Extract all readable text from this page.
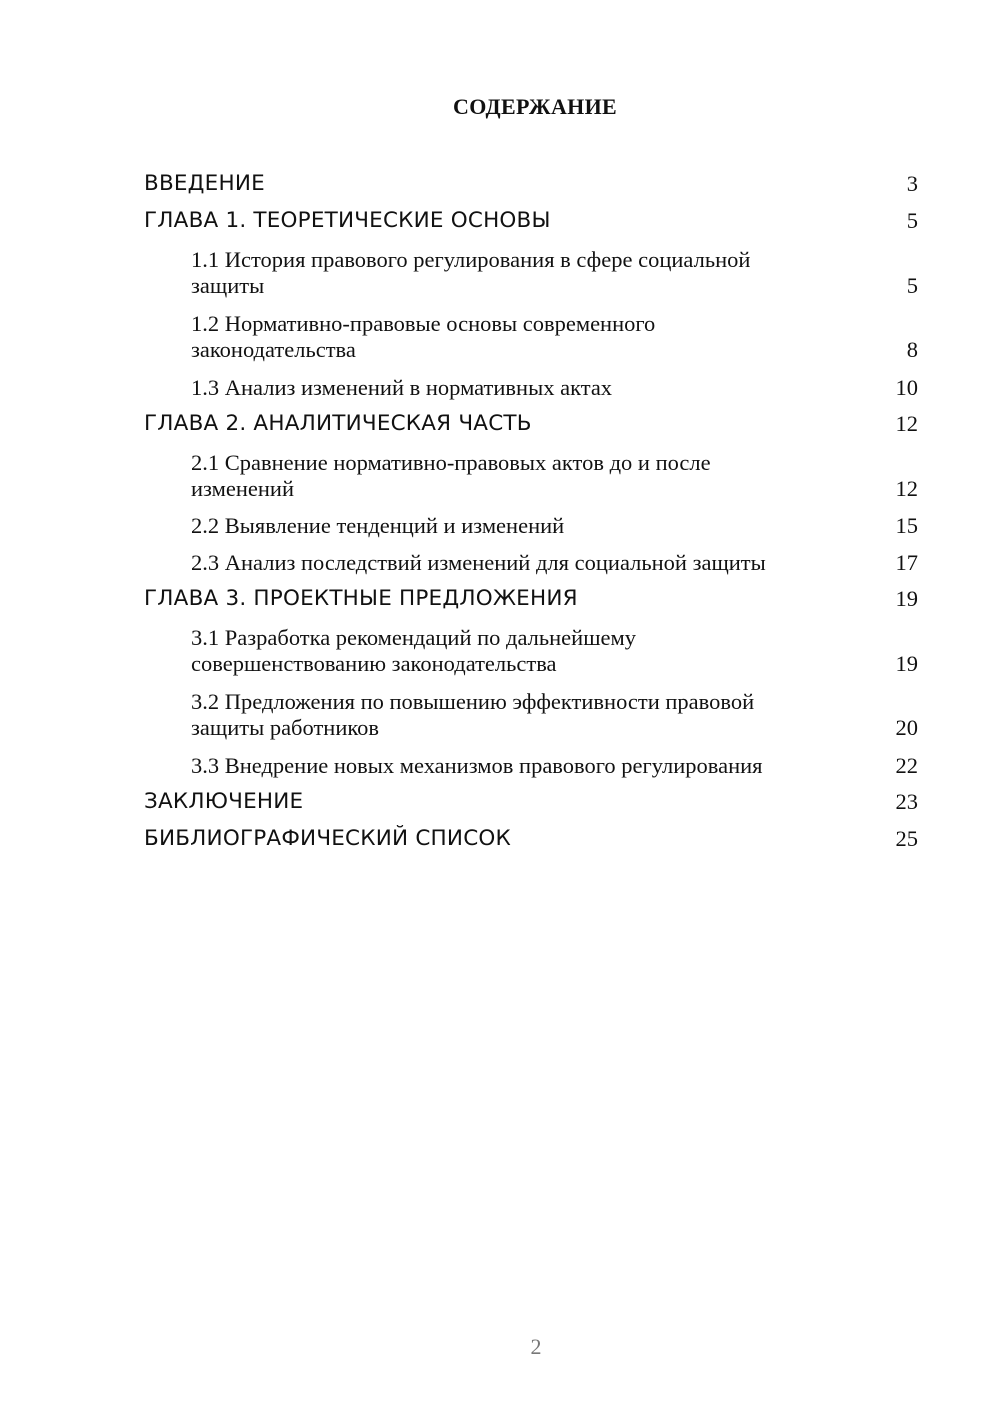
СОДЕРЖАНИЕ
ВВЕДЕНИЕ	3
ГЛАВА 1. ТЕОРЕТИЧЕСКИЕ ОСНОВЫ	5
1.1 История правового регулирования в сфере социальной
защиты	5
1.2 Нормативно-правовые основы современного
законодательства	8
1.3 Анализ изменений в нормативных актах	10
ГЛАВА 2. АНАЛИТИЧЕСКАЯ ЧАСТЬ	12
2.1 Сравнение нормативно-правовых актов до и после
изменений	12
2.2 Выявление тенденций и изменений	15
2.3 Анализ последствий изменений для социальной защиты	17
ГЛАВА 3. ПРОЕКТНЫЕ ПРЕДЛОЖЕНИЯ	19
3.1 Разработка рекомендаций по дальнейшему
совершенствованию законодательства	19
3.2 Предложения по повышению эффективности правовой
защиты работников	20
3.3 Внедрение новых механизмов правового регулирования	22
ЗАКЛЮЧЕНИЕ	23
БИБЛИОГРАФИЧЕСКИЙ СПИСОК	25
2
